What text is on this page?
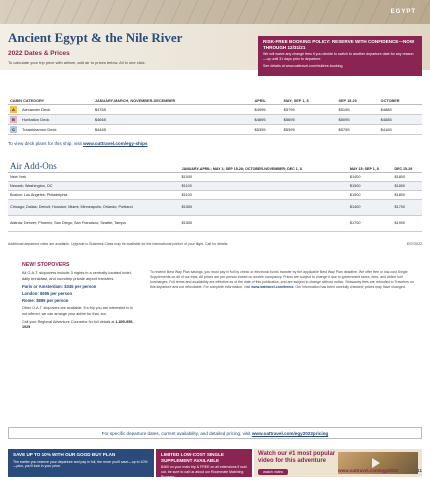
EGYPT
Ancient Egypt & the Nile River
2022 Dates & Prices
To calculate your trip price with airfare, add air to prices below. All in one click.
RISK-FREE BOOKING POLICY: RESERVE WITH CONFIDENCE—NOW THROUGH 12/31/21
We will waive any change fees if you decide to switch to another departure date for any reason—up until 31 days prior to departure.
See details at www.oattravel.com/riskfree-booking
CABIN CATEGORY		JANUARY-MARCH, NOVEMBER-DECEMBER	APRIL	MAY; SEP 1, 8	SEP 15-29	OCTOBER
A	Alexander Deck	$4765	$4995	$5795	$5195	$4885
B	Horitation Deck	$4665	$4895	$5695	$5095	$4685
C	Tutankhamun Deck	$4465	$5395	$5395	$5795	$4165
To view deck plans for this ship, visit www.oattravel.com/egy-ships
Air Add-Ons	JANUARY-APRIL; MAY 1; SEP 15-28; OCTOBER-NOVEMBER; DEC 1, 8	MAY 15; SEP 1, 8	DEC 15-29
New York	$1000	$1400	$1800
Newark; Washington, DC	$1100	$1500	$1800
Boston; Los Angeles; Philadelphia	$1100	$1500	$1800
Chicago; Dallas; Detroit; Houston; Miami; Minneapolis; Orlando; Portland	$1500	$1400	$1700
Atlanta; Denver; Phoenix; San Diego; San Francisco; Seattle; Tampa	$1500	$1700	$1900
Additional departure cities are available. Upgrade to Business Class may be available for the international portion of your flight. Call for details.	EGY2022
NEW! STOPOVERS
All O.A.T. stopovers include 3 nights in a centrally-located hotel, daily breakfast, and roundtrip private airport transfers.
Paris or Amsterdam: $345 per person
London: $695 per person
Rome: $895 per person
Other O.A.T. stopovers are available. If a trip you are interested in is not offered, we can arrange your airline for that, too.
Call your Regional Adventure Counselor for full details at 1-800-955-1925
To receive Best Way Plan savings, you must pay in full by check or electronic funds transfer by the applicable Best Way Plan deadline. We offer free or low-cost Single Supplements on all of our trips. All prices are per person based on double occupancy. Prices are subject to change if due to government taxes, fees, and airline fuel surcharges. Full terms and availability are effective as of the date of this publication, and are subject to change without notice. Stowaway fees are refunded to Travelers on this departure and not refundable. For complete information, visit www.oattravel.com/terms. Our information has been carefully checked; prices may have changed.
For specific departure dates, current availability, and detailed pricing, visit www.oattravel.com/egy2022pricing
SAVE UP TO 10% WITH OUR GOOD BUY PLAN
The earlier you reserve your departure and pay in full, the more you'll save—up to 10%—plus, you'll lock in your price.
LIMITED LOW-COST SINGLE SUPPLEMENT AVAILABLE
$460 on your main trip & FREE on all extensions if sold out, be sure to call us about our Roommate Matching Program.
Watch our #1 most popular video for this adventure
watch video
Information & Reservations: 1-800-955-1925	www.oattravel.com/egy2022	11
